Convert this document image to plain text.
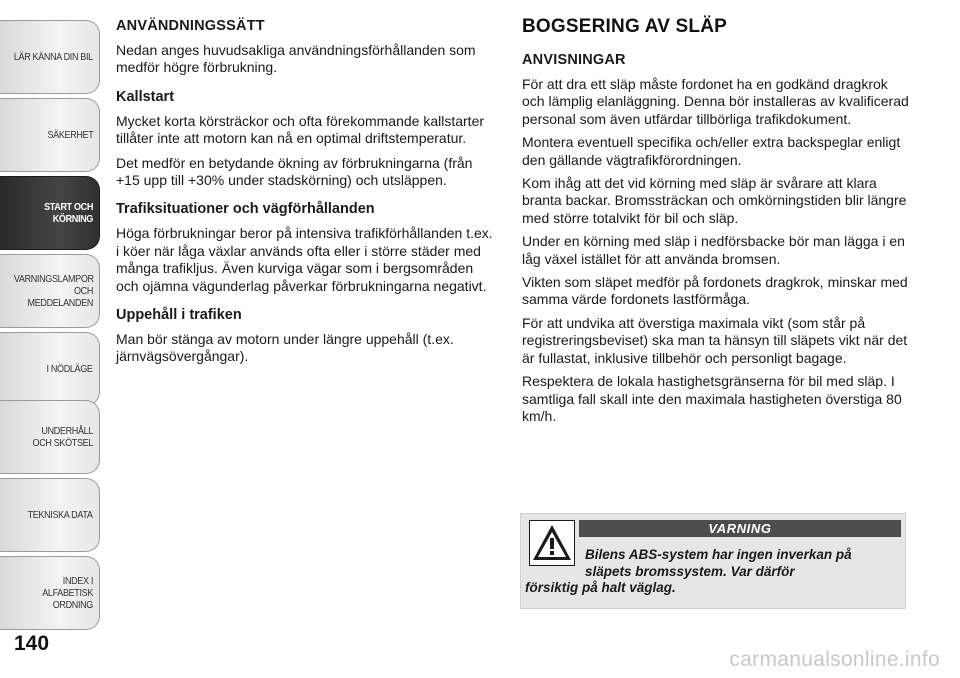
LÄR KÄNNA DIN BIL
SÄKERHET
START OCH KÖRNING
VARNINGSLAMPOR OCH MEDDELANDEN
I NÖDLÄGE
UNDERHÅLL OCH SKÖTSEL
TEKNISKA DATA
INDEX I ALFABETISK ORDNING
140
ANVÄNDNINGSSÄTT

Nedan anges huvudsakliga användningsförhållanden som medför högre förbrukning.

Kallstart

Mycket korta körsträckor och ofta förekommande kallstarter tillåter inte att motorn kan nå en optimal driftstemperatur.

Det medför en betydande ökning av förbrukningarna (från +15 upp till +30% under stadskörning) och utsläppen.

Trafiksituationer och vägförhållanden

Höga förbrukningar beror på intensiva trafikförhållanden t.ex. i köer när låga växlar används ofta eller i större städer med många trafikljus. Även kurviga vägar som i bergsområden och ojämna vägunderlag påverkar förbrukningarna negativt.

Uppehåll i trafiken

Man bör stänga av motorn under längre uppehåll (t.ex. järnvägsövergångar).

BOGSERING AV SLÄP
ANVISNINGAR

För att dra ett släp måste fordonet ha en godkänd dragkrok och lämplig elanläggning. Denna bör installeras av kvalificerad personal som även utfärdar tillbörliga trafikdokument.

Montera eventuell specifika och/eller extra backspeglar enligt den gällande vägtrafikförordningen.

Kom ihåg att det vid körning med släp är svårare att klara branta backar. Bromssträckan och omkörningstiden blir längre med större totalvikt för bil och släp.

Under en körning med släp i nedförsbacke bör man lägga i en låg växel istället för att använda bromsen.

Vikten som släpet medför på fordonets dragkrok, minskar med samma värde fordonets lastförmåga.

För att undvika att överstiga maximala vikt (som står på registreringsbeviset) ska man ta hänsyn till släpets vikt när det är fullastat, inklusive tillbehör och personligt bagage.

Respektera de lokala hastighetsgränserna för bil med släp. I samtliga fall skall inte den maximala hastigheten överstiga 80 km/h.

VARNING
Bilens ABS-system har ingen inverkan på
släpets bromssystem. Var därför
försiktig på halt väglag.
carmanualsonline.info
